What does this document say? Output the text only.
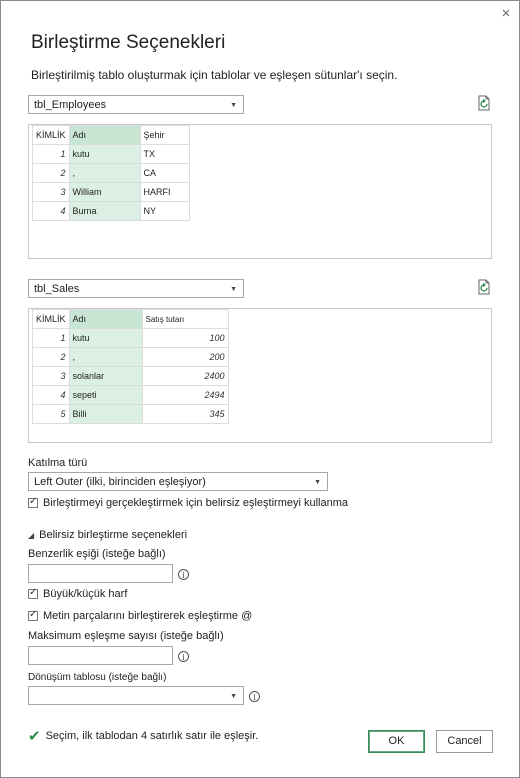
×
Birleştirme Seçenekleri
Birleştirilmiş tablo oluşturmak için tablolar ve eşleşen sütunlar'ı seçin.
tbl_Employees	▼
KİMLİK	Adı	Şehir
1	kutu	TX
2	,	CA
3	William	HARFI
4	Burna	NY
tbl_Sales	▼
KİMLİK	Adı	Satış tutarı
1	kutu	100
2	,	200
3	solanlar	2400
4	sepeti	2494
5	Billi	345
Katılma türü
Left Outer (ilki, birinciden eşleşiyor)	▼
✓
Birleştirmeyi gerçekleştirmek için belirsiz eşleştirmeyi kullanma
◢ Belirsiz birleştirme seçenekleri
Benzerlik eşiği (isteğe bağlı)
i
✓
Büyük/küçük harf
✓
Metin parçalarını birleştirerek eşleştirme @
Maksimum eşleşme sayısı (isteğe bağlı)
i
Dönüşüm tablosu (isteğe bağlı)
▼	i
✔ Seçim, ilk tablodan 4 satırlık satır ile eşleşir.	OK	Cancel
